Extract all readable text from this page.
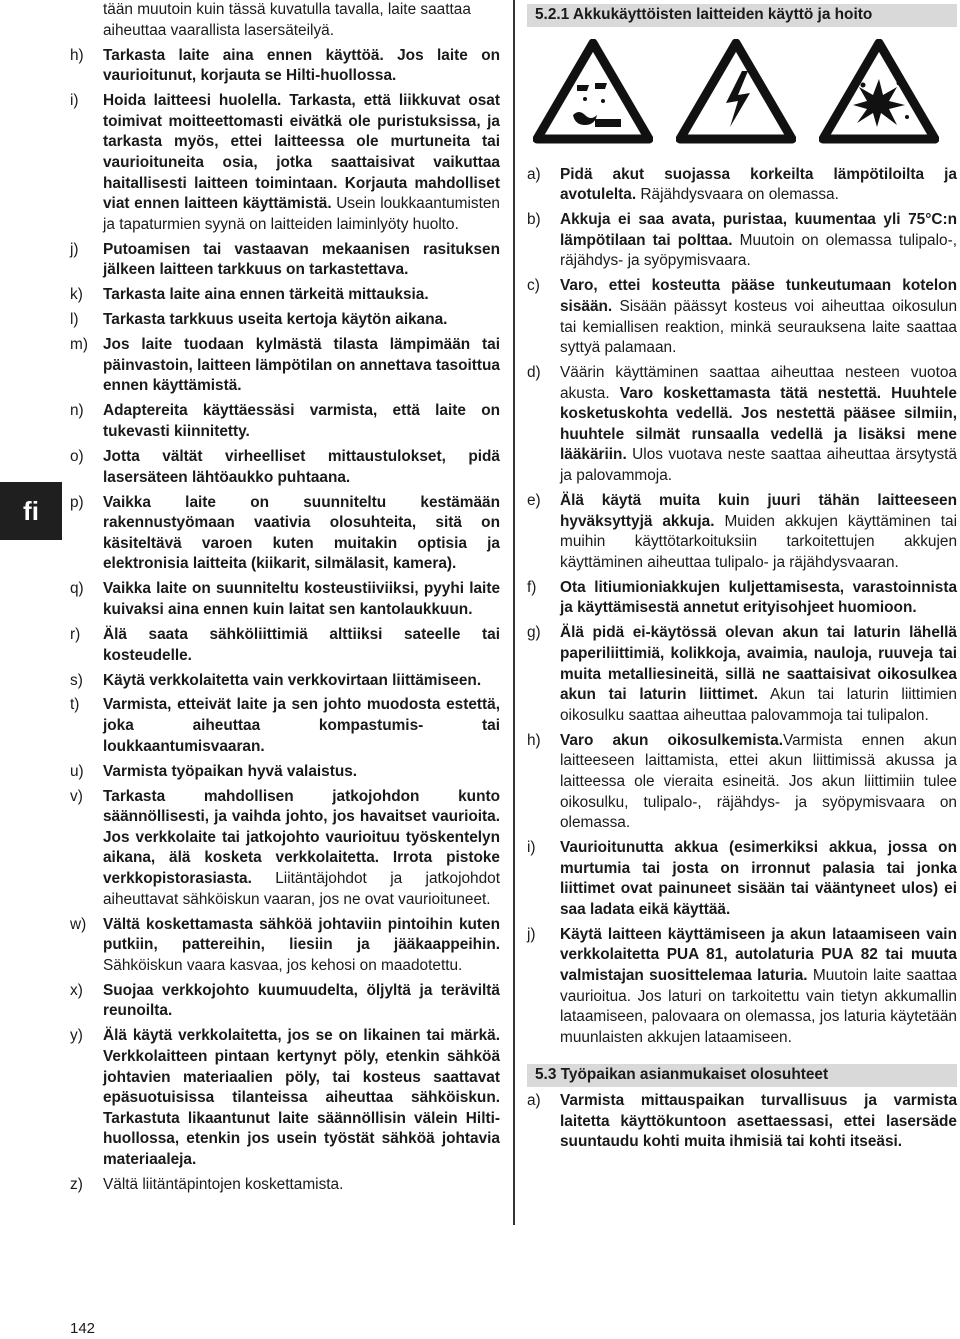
fi

tään muutoin kuin tässä kuvatulla tavalla, laite saattaa aiheuttaa vaarallista lasersäteilyä.

h)	Tarkasta laite aina ennen käyttöä. Jos laite on vaurioitunut, korjauta se Hilti-huollossa.
i)	Hoida laitteesi huolella. Tarkasta, että liikkuvat osat toimivat moitteettomasti eivätkä ole puristuksissa, ja tarkasta myös, ettei laitteessa ole murtuneita tai vaurioituneita osia, jotka saattaisivat vaikuttaa haitallisesti laitteen toimintaan. Korjauta mahdolliset viat ennen laitteen käyttämistä. Usein loukkaantumisten ja tapaturmien syynä on laitteiden laiminlyöty huolto.
j)	Putoamisen tai vastaavan mekaanisen rasituksen jälkeen laitteen tarkkuus on tarkastettava.
k)	Tarkasta laite aina ennen tärkeitä mittauksia.
l)	Tarkasta tarkkuus useita kertoja käytön aikana.
m) Jos laite tuodaan kylmästä tilasta lämpimään tai päinvastoin, laitteen lämpötilan on annettava tasoittua ennen käyttämistä.
n)	Adaptereita käyttäessäsi varmista, että laite on tukevasti kiinnitetty.
o)	Jotta vältät virheelliset mittaustulokset, pidä lasersäteen lähtöaukko puhtaana.
p)	Vaikka laite on suunniteltu kestämään rakennustyömaan vaativia olosuhteita, sitä on käsiteltävä varoen kuten muitakin optisia ja elektronisia laitteita (kiikarit, silmälasit, kamera).
q)	Vaikka laite on suunniteltu kosteustiiviiksi, pyyhi laite kuivaksi aina ennen kuin laitat sen kantolaukkuun.
r)	Älä saata sähköliittimiä alttiiksi sateelle tai kosteudelle.
s)	Käytä verkkolaitetta vain verkkovirtaan liittämiseen.
t)	Varmista, etteivät laite ja sen johto muodosta estettä, joka aiheuttaa kompastumis- tai loukkaantumisvaaran.
u)	Varmista työpaikan hyvä valaistus.
v)	Tarkasta mahdollisen jatkojohdon kunto säännöllisesti, ja vaihda johto, jos havaitset vaurioita. Jos verkkolaite tai jatkojohto vaurioituu työskentelyn aikana, älä kosketa verkkolaitetta. Irrota pistoke verkkopistorasiasta. Liitäntäjohdot ja jatkojohdot aiheuttavat sähköiskun vaaran, jos ne ovat vaurioituneet.
w)	Vältä koskettamasta sähköä johtaviin pintoihin kuten putkiin, pattereihin, liesiin ja jääkaappeihin. Sähköiskun vaara kasvaa, jos kehosi on maadotettu.
x)	Suojaa verkkojohto kuumuudelta, öljyltä ja teräviltä reunoilta.
y)	Älä käytä verkkolaitetta, jos se on likainen tai märkä. Verkkolaitteen pintaan kertynyt pöly, etenkin sähköä johtavien materiaalien pöly, tai kosteus saattavat epäsuotuisissa tilanteissa aiheuttaa sähköiskun. Tarkastuta likaantunut laite säännöllisin välein Hilti-huollossa, etenkin jos usein työstät sähköä johtavia materiaaleja.
z)	Vältä liitäntäpintojen koskettamista.
5.2.1 Akkukäyttöisten laitteiden käyttö ja hoito
a)	Pidä akut suojassa korkeilta lämpötiloilta ja avotulelta. Räjähdysvaara on olemassa.
b)	Akkuja ei saa avata, puristaa, kuumentaa yli 75°C:n lämpötilaan tai polttaa. Muutoin on olemassa tulipalo-, räjähdys- ja syöpymisvaara.
c)	Varo, ettei kosteutta pääse tunkeutumaan kotelon sisään. Sisään päässyt kosteus voi aiheuttaa oikosulun tai kemiallisen reaktion, minkä seurauksena laite saattaa syttyä palamaan.
d)	Väärin käyttäminen saattaa aiheuttaa nesteen vuotoa akusta. Varo koskettamasta tätä nestettä. Huuhtele kosketuskohta vedellä. Jos nestettä pääsee silmiin, huuhtele silmät runsaalla vedellä ja lisäksi mene lääkäriin. Ulos vuotava neste saattaa aiheuttaa ärsytystä ja palovammoja.
e)	Älä käytä muita kuin juuri tähän laitteeseen hyväksyttyjä akkuja. Muiden akkujen käyttäminen tai muihin käyttötarkoituksiin tarkoitettujen akkujen käyttäminen aiheuttaa tulipalo- ja räjähdysvaaran.
f)	Ota litiumioniakkujen kuljettamisesta, varastoinnista ja käyttämisestä annetut erityisohjeet huomioon.
g)	Älä pidä ei-käytössä olevan akun tai laturin lähellä paperiliittimiä, kolikkoja, avaimia, nauloja, ruuveja tai muita metalliesineitä, sillä ne saattaisivat oikosulkea akun tai laturin liittimet. Akun tai laturin liittimien oikosulku saattaa aiheuttaa palovammoja tai tulipalon.
h)	Varo akun oikosulkemista.Varmista ennen akun laitteeseen laittamista, ettei akun liittimissä akussa ja laitteessa ole vieraita esineitä. Jos akun liittimiin tulee oikosulku, tulipalo-, räjähdys- ja syöpymisvaara on olemassa.
i)	Vaurioitunutta akkua (esimerkiksi akkua, jossa on murtumia tai josta on irronnut palasia tai jonka liittimet ovat painuneet sisään tai vääntyneet ulos) ei saa ladata eikä käyttää.
j)	Käytä laitteen käyttämiseen ja akun lataamiseen vain verkkolaitetta PUA 81, autolaturia PUA 82 tai muuta valmistajan suosittelemaa laturia. Muutoin laite saattaa vaurioitua. Jos laturi on tarkoitettu vain tietyn akkumallin lataamiseen, palovaara on olemassa, jos laturia käytetään muunlaisten akkujen lataamiseen.
5.3 Työpaikan asianmukaiset olosuhteet
a)	Varmista mittauspaikan turvallisuus ja varmista laitetta käyttökuntoon asettaessasi, ettei lasersäde suuntaudu kohti muita ihmisiä tai kohti itseäsi.
142
